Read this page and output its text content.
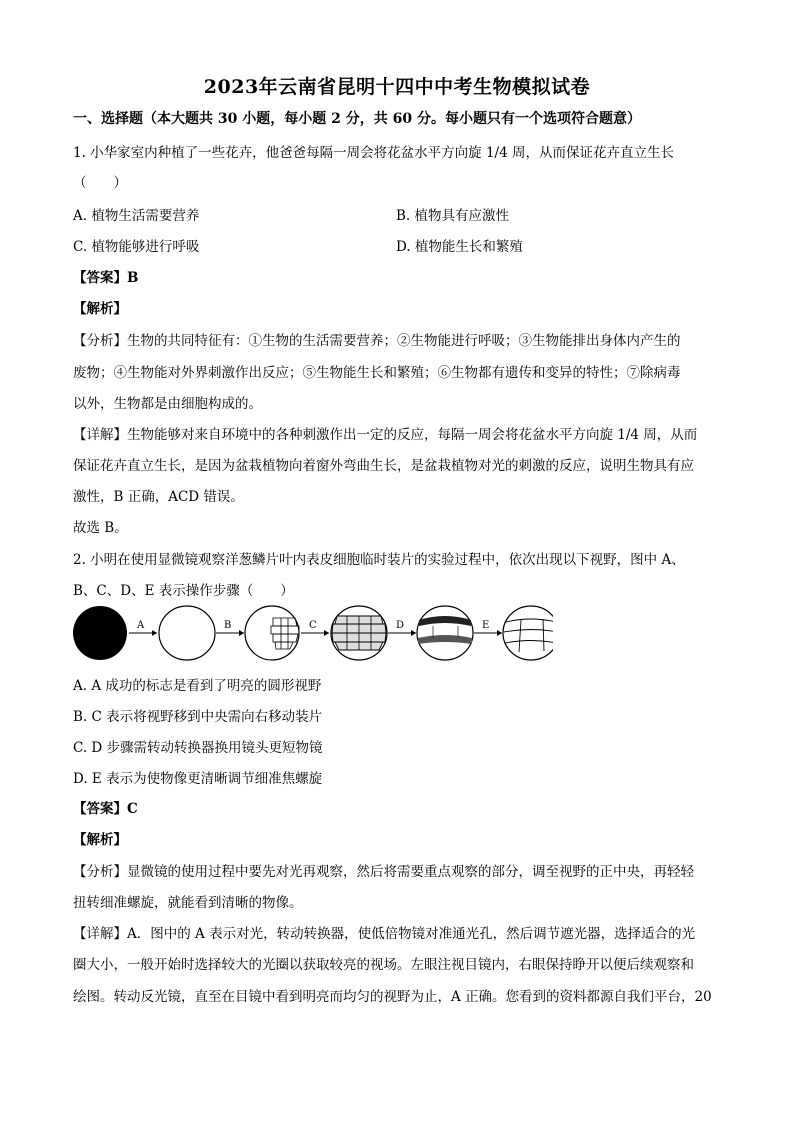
2023年云南省昆明十四中中考生物模拟试卷
一、选择题（本大题共 30 小题，每小题 2 分，共 60 分。每小题只有一个选项符合题意）
1. 小华家室内种植了一些花卉，他爸爸每隔一周会将花盆水平方向旋 1/4 周，从而保证花卉直立生长
（　　）
A. 植物生活需要营养	B. 植物具有应激性
C. 植物能够进行呼吸	D. 植物能生长和繁殖
【答案】B
【解析】
【分析】生物的共同特征有：①生物的生活需要营养；②生物能进行呼吸；③生物能排出身体内产生的
废物；④生物能对外界刺激作出反应；⑤生物能生长和繁殖；⑥生物都有遗传和变异的特性；⑦除病毒
以外，生物都是由细胞构成的。
【详解】生物能够对来自环境中的各种刺激作出一定的反应，每隔一周会将花盆水平方向旋 1/4 周，从而
保证花卉直立生长，是因为盆栽植物向着窗外弯曲生长，是盆栽植物对光的刺激的反应，说明生物具有应
激性，B 正确，ACD 错误。
故选 B。
2. 小明在使用显微镜观察洋葱鳞片叶内表皮细胞临时装片的实验过程中，依次出现以下视野，图中 A、
B、C、D、E 表示操作步骤（　　）
A	B	C	D	E
A. A 成功的标志是看到了明亮的圆形视野
B. C 表示将视野移到中央需向右移动装片
C. D 步骤需转动转换器换用镜头更短物镜
D. E 表示为使物像更清晰调节细准焦螺旋
【答案】C
【解析】
【分析】显微镜的使用过程中要先对光再观察，然后将需要重点观察的部分，调至视野的正中央，再轻轻
扭转细准螺旋，就能看到清晰的物像。
【详解】A．图中的 A 表示对光，转动转换器，使低倍物镜对准通光孔，然后调节遮光器，选择适合的光
圈大小，一般开始时选择较大的光圈以获取较亮的视场。左眼注视目镜内，右眼保持睁开以便后续观察和
绘图。转动反光镜，直至在目镜中看到明亮而均匀的视野为止，A 正确。您看到的资料都源自我们平台，20
